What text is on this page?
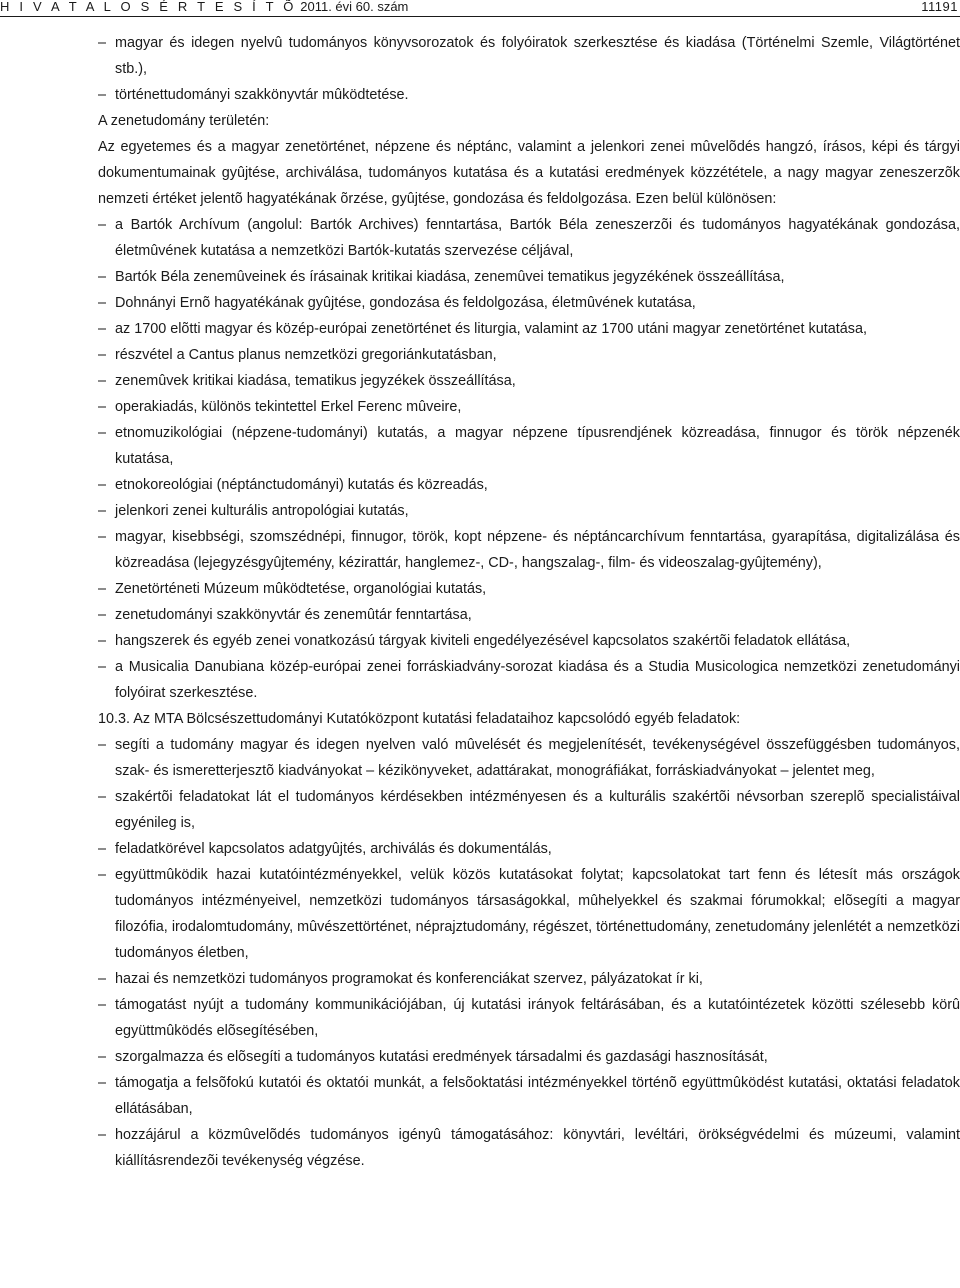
H I V A T A L O S É R T E S Í T Õ 2011. évi 60. szám	11191
– magyar és idegen nyelvû tudományos könyvsorozatok és folyóiratok szerkesztése és kiadása (Történelmi Szemle, Világtörténet stb.),
– történettudományi szakkönyvtár mûködtetése.

A zenetudomány területén:

Az egyetemes és a magyar zenetörténet, népzene és néptánc, valamint a jelenkori zenei mûvelõdés hangzó, írásos, képi és tárgyi dokumentumainak gyûjtése, archiválása, tudományos kutatása és a kutatási eredmények közzététele, a nagy magyar zeneszerzõk nemzeti értéket jelentõ hagyatékának õrzése, gyûjtése, gondozása és feldolgozása. Ezen belül különösen:

– a Bartók Archívum (angolul: Bartók Archives) fenntartása, Bartók Béla zeneszerzõi és tudományos hagyatékának gondozása, életmûvének kutatása a nemzetközi Bartók-kutatás szervezése céljával,
– Bartók Béla zenemûveinek és írásainak kritikai kiadása, zenemûvei tematikus jegyzékének összeállítása,
– Dohnányi Ernõ hagyatékának gyûjtése, gondozása és feldolgozása, életmûvének kutatása,
– az 1700 elõtti magyar és közép-európai zenetörténet és liturgia, valamint az 1700 utáni magyar zenetörténet kutatása,
– részvétel a Cantus planus nemzetközi gregoriánkutatásban,
– zenemûvek kritikai kiadása, tematikus jegyzékek összeállítása,
– operakiadás, különös tekintettel Erkel Ferenc mûveire,
– etnomuzikológiai (népzene-tudományi) kutatás, a magyar népzene típusrendjének közreadása, finnugor és török népzenék kutatása,
– etnokoreológiai (néptánctudományi) kutatás és közreadás,
– jelenkori zenei kulturális antropológiai kutatás,
– magyar, kisebbségi, szomszédnépi, finnugor, török, kopt népzene- és néptáncarchívum fenntartása, gyarapítása, digitalizálása és közreadása (lejegyzésgyûjtemény, kézirattár, hanglemez-, CD-, hangszalag-, film- és videoszalag-gyûjtemény),
– Zenetörténeti Múzeum mûködtetése, organológiai kutatás,
– zenetudományi szakkönyvtár és zenemûtár fenntartása,
– hangszerek és egyéb zenei vonatkozású tárgyak kiviteli engedélyezésével kapcsolatos szakértõi feladatok ellátása,
– a Musicalia Danubiana közép-európai zenei forráskiadvány-sorozat kiadása és a Studia Musicologica nemzetközi zenetudományi folyóirat szerkesztése.

10.3. Az MTA Bölcsészettudományi Kutatóközpont kutatási feladataihoz kapcsolódó egyéb feladatok:

– segíti a tudomány magyar és idegen nyelven való mûvelését és megjelenítését, tevékenységével összefüggésben tudományos, szak- és ismeretterjesztõ kiadványokat – kézikönyveket, adattárakat, monográfiákat, forráskiadványokat – jelentet meg,
– szakértõi feladatokat lát el tudományos kérdésekben intézményesen és a kulturális szakértõi névsorban szereplõ specialistáival egyénileg is,
– feladatkörével kapcsolatos adatgyûjtés, archiválás és dokumentálás,
– együttmûködik hazai kutatóintézményekkel, velük közös kutatásokat folytat; kapcsolatokat tart fenn és létesít más országok tudományos intézményeivel, nemzetközi tudományos társaságokkal, mûhelyekkel és szakmai fórumokkal; elõsegíti a magyar filozófia, irodalomtudomány, mûvészettörténet, néprajztudomány, régészet, történettudomány, zenetudomány jelenlétét a nemzetközi tudományos életben,
– hazai és nemzetközi tudományos programokat és konferenciákat szervez, pályázatokat ír ki,
– támogatást nyújt a tudomány kommunikációjában, új kutatási irányok feltárásában, és a kutatóintézetek közötti szélesebb körû együttmûködés elõsegítésében,
– szorgalmazza és elõsegíti a tudományos kutatási eredmények társadalmi és gazdasági hasznosítását,
– támogatja a felsõfokú kutatói és oktatói munkát, a felsõoktatási intézményekkel történõ együttmûködést kutatási, oktatási feladatok ellátásában,
– hozzájárul a közmûvelõdés tudományos igényû támogatásához: könyvtári, levéltári, örökségvédelmi és múzeumi, valamint kiállításrendezõi tevékenység végzése.
